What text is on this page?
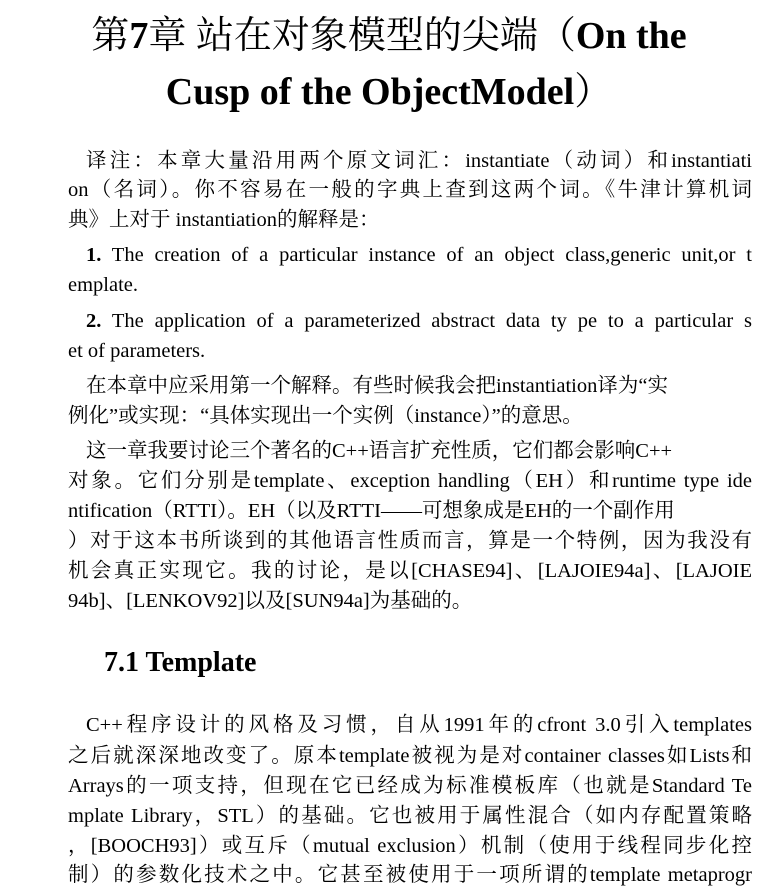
第7章 站在对象模型的尖端（On the
Cusp of the ObjectModel）
译注：本章大量沿用两个原文词汇：instantiate（动词）和instantiati
on（名词）。你不容易在一般的字典上查到这两个词。《牛津计算机词
典》上对于 instantiation的解释是：
1. The creation of a particular instance of an object class,generic unit,or t
emplate.
2. The application of a parameterized abstract data ty pe to a particular s
et of parameters.
在本章中应采用第一个解释。有些时候我会把instantiation译为“实
例化”或实现：“具体实现出一个实例（instance）”的意思。
这一章我要讨论三个著名的C++语言扩充性质，它们都会影响C++
对象。它们分别是template、exception handling（EH）和runtime type ide
ntification（RTTI）。EH（以及RTTI——可想象成是EH的一个副作用
）对于这本书所谈到的其他语言性质而言，算是一个特例，因为我没有
机会真正实现它。我的讨论，是以[CHASE94]、[LAJOIE94a]、[LAJOIE
94b]、[LENKOV92]以及[SUN94a]为基础的。
7.1 Template
C++程序设计的风格及习惯，自从1991年的cfront 3.0引入templates
之后就深深地改变了。原本template被视为是对container classes如Lists和
Arrays的一项支持，但现在它已经成为标准模板库（也就是Standard Te
mplate Library，STL）的基础。它也被用于属性混合（如内存配置策略
，[BOOCH93]）或互斥（mutual exclusion）机制（使用于线程同步化控
制）的参数化技术之中。它甚至被使用于一项所谓的template metaprogr
